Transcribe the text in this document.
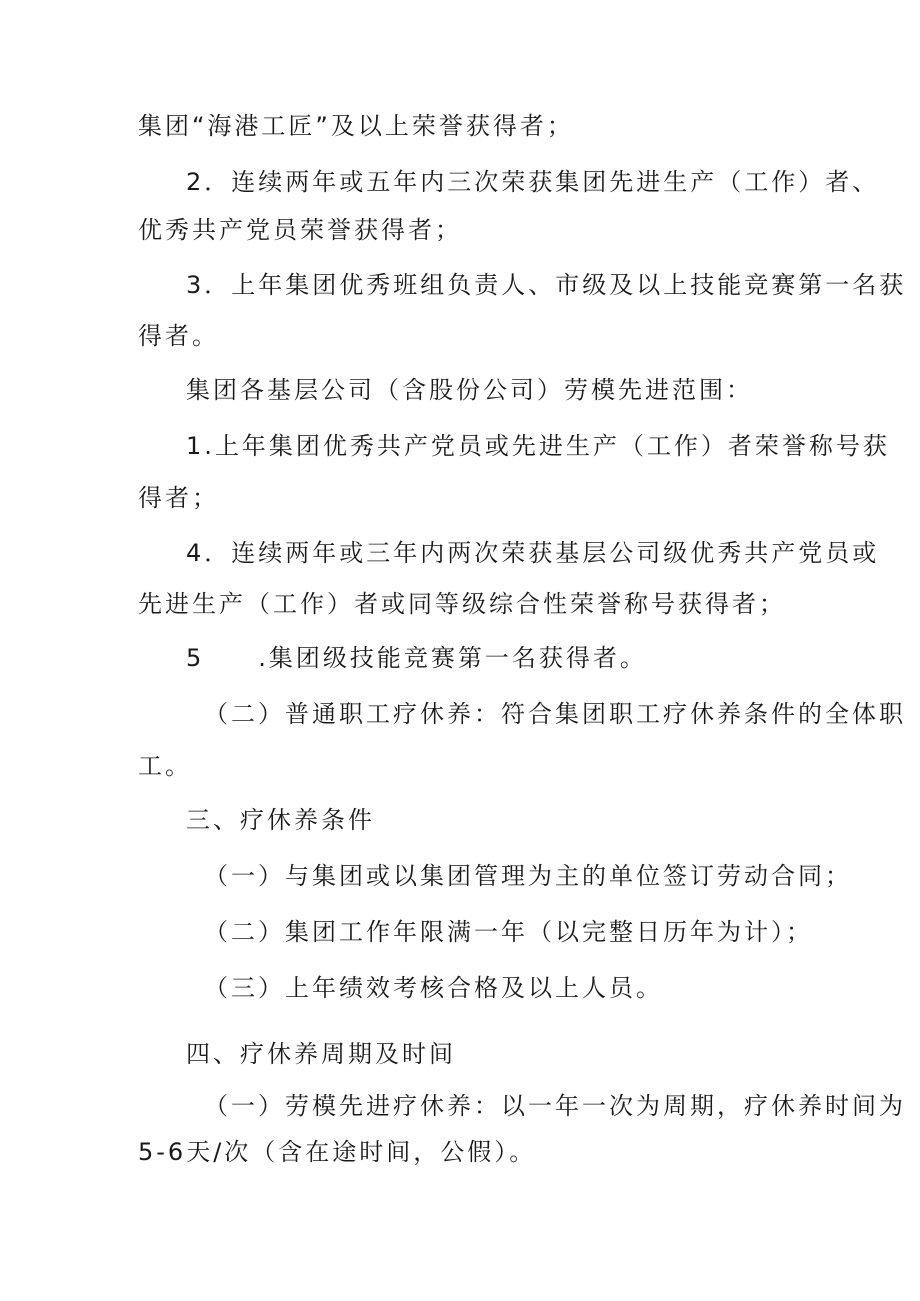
集团“海港工匠”及以上荣誉获得者；
2．连续两年或五年内三次荣获集团先进生产（工作）者、
优秀共产党员荣誉获得者；
3．上年集团优秀班组负责人、市级及以上技能竞赛第一名获
得者。
集团各基层公司（含股份公司）劳模先进范围：
1.上年集团优秀共产党员或先进生产（工作）者荣誉称号获
得者；
4．连续两年或三年内两次荣获基层公司级优秀共产党员或
先进生产（工作）者或同等级综合性荣誉称号获得者；
5　　.集团级技能竞赛第一名获得者。
（二）普通职工疗休养：符合集团职工疗休养条件的全体职
工。
三、疗休养条件
（一）与集团或以集团管理为主的单位签订劳动合同；
（二）集团工作年限满一年（以完整日历年为计）；
（三）上年绩效考核合格及以上人员。
四、疗休养周期及时间
（一）劳模先进疗休养：以一年一次为周期，疗休养时间为
5-6天/次（含在途时间，公假）。
